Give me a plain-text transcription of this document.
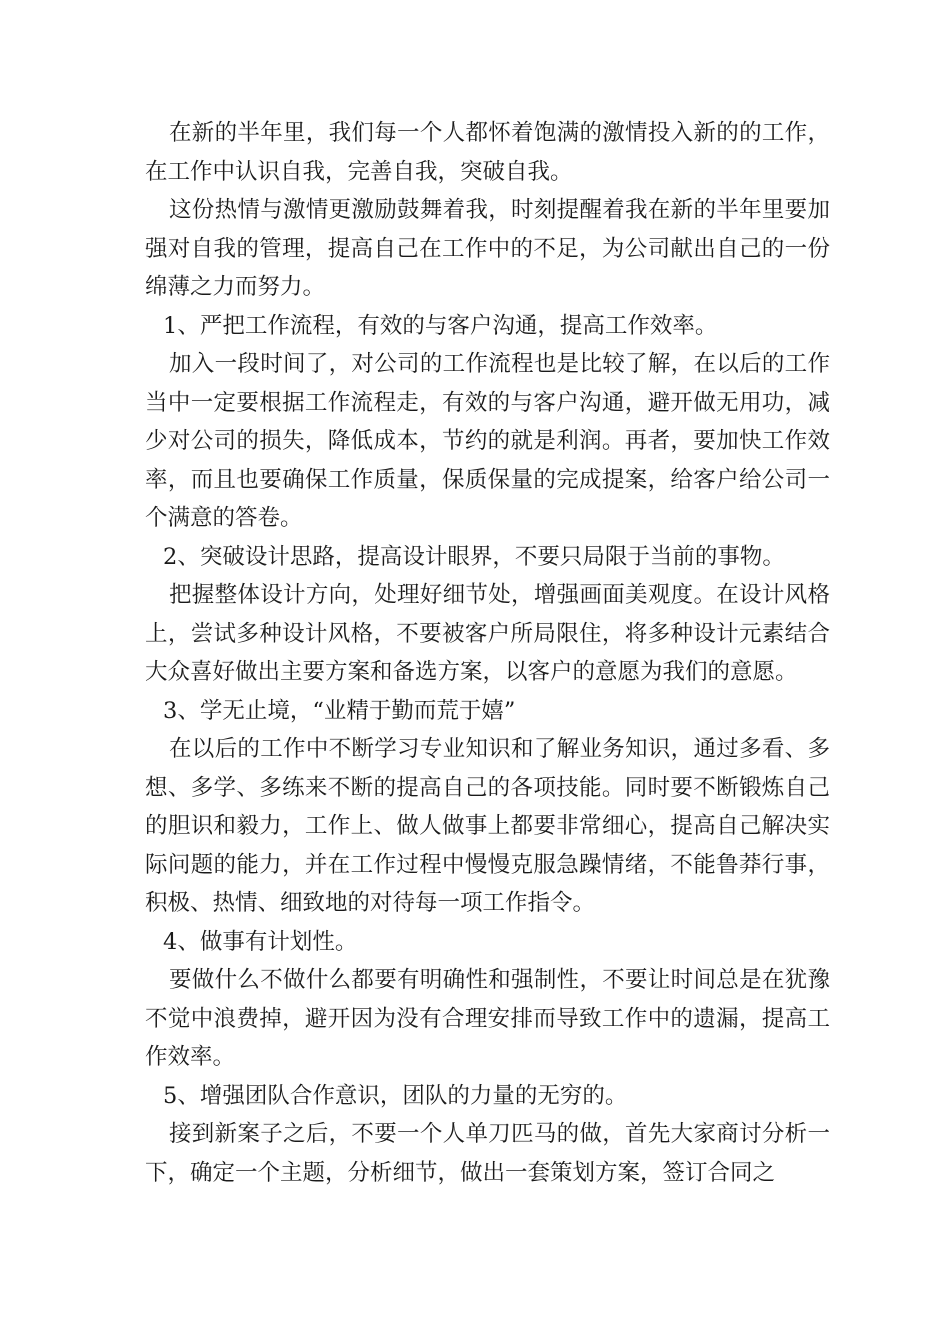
在新的半年里，我们每一个人都怀着饱满的激情投入新的的工作，在工作中认识自我，完善自我，突破自我。

这份热情与激情更激励鼓舞着我，时刻提醒着我在新的半年里要加强对自我的管理，提高自己在工作中的不足，为公司献出自己的一份绵薄之力而努力。

1、严把工作流程，有效的与客户沟通，提高工作效率。

加入一段时间了，对公司的工作流程也是比较了解，在以后的工作当中一定要根据工作流程走，有效的与客户沟通，避开做无用功，减少对公司的损失，降低成本，节约的就是利润。再者，要加快工作效率，而且也要确保工作质量，保质保量的完成提案，给客户给公司一个满意的答卷。

2、突破设计思路，提高设计眼界，不要只局限于当前的事物。

把握整体设计方向，处理好细节处，增强画面美观度。在设计风格上，尝试多种设计风格，不要被客户所局限住，将多种设计元素结合大众喜好做出主要方案和备选方案，以客户的意愿为我们的意愿。

3、学无止境，“业精于勤而荒于嬉”

在以后的工作中不断学习专业知识和了解业务知识，通过多看、多想、多学、多练来不断的提高自己的各项技能。同时要不断锻炼自己的胆识和毅力，工作上、做人做事上都要非常细心，提高自己解决实际问题的能力，并在工作过程中慢慢克服急躁情绪，不能鲁莽行事，积极、热情、细致地的对待每一项工作指令。

4、做事有计划性。

要做什么不做什么都要有明确性和强制性，不要让时间总是在犹豫不觉中浪费掉，避开因为没有合理安排而导致工作中的遗漏，提高工作效率。

5、增强团队合作意识，团队的力量的无穷的。

接到新案子之后，不要一个人单刀匹马的做，首先大家商讨分析一下，确定一个主题，分析细节，做出一套策划方案，签订合同之
